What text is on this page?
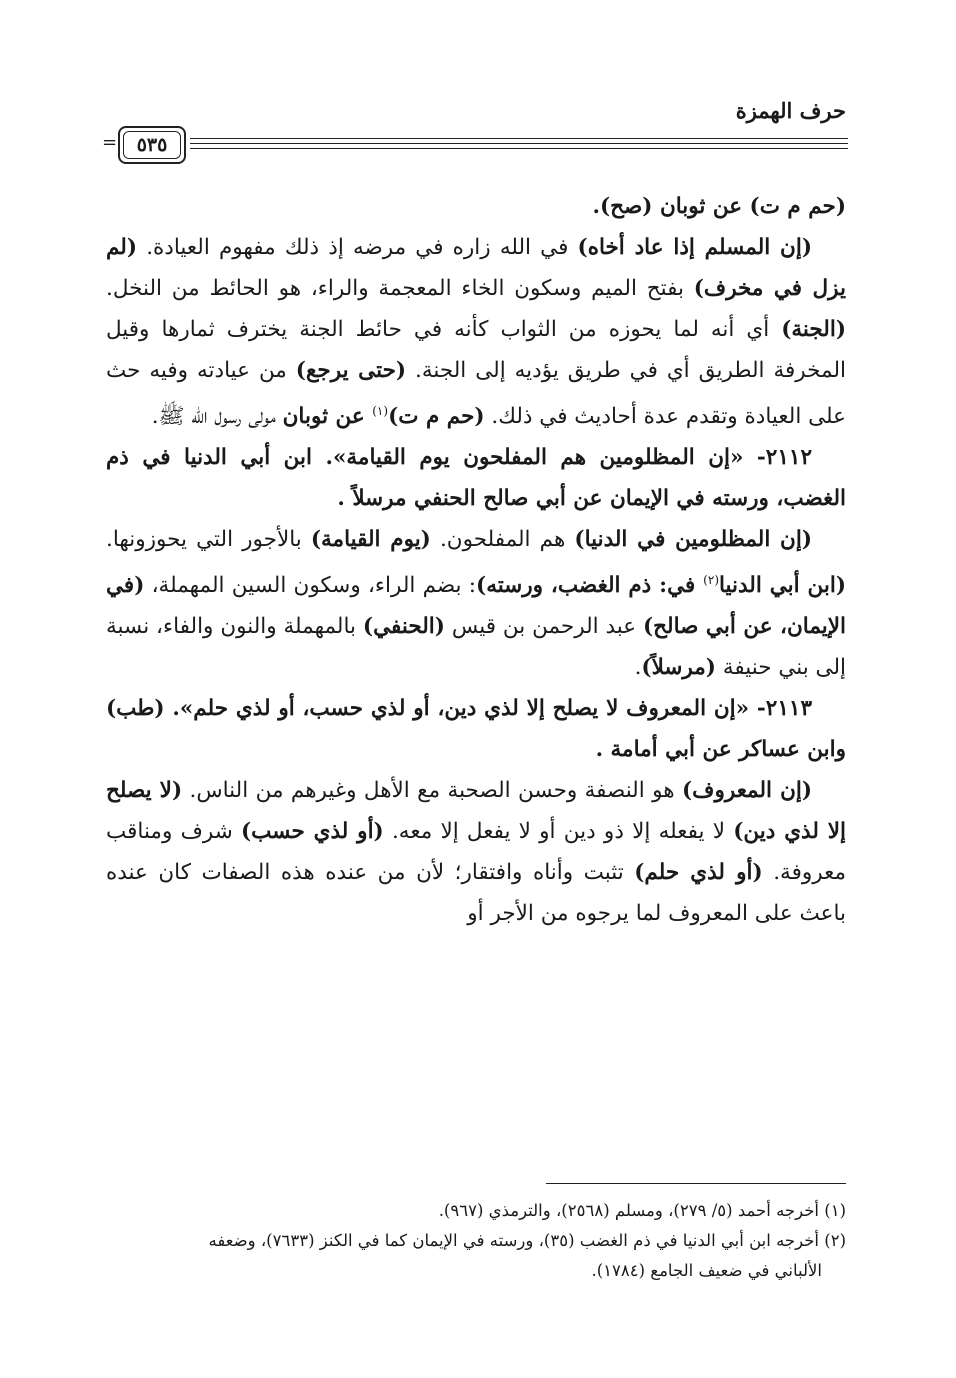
حرف الهمزة
= ٥٣٥

(حم م ت) عن ثوبان (صح).

(إن المسلم إذا عاد أخاه) في الله زاره في مرضه إذ ذلك مفهوم العيادة. (لم يزل في مخرف) بفتح الميم وسكون الخاء المعجمة والراء، هو الحائط من النخل. (الجنة) أي أنه لما يحوزه من الثواب كأنه في حائط الجنة يخترف ثمارها وقيل المخرفة الطريق أي في طريق يؤديه إلى الجنة. (حتى يرجع) من عيادته وفيه حث على العيادة وتقدم عدة أحاديث في ذلك. (حم م ت)$^{(١)}$ عن ثوبان مولى رسول الله ﷺ.

٢١١٢- «إن المظلومين هم المفلحون يوم القيامة». ابن أبي الدنيا في ذم الغضب، ورسته في الإيمان عن أبي صالح الحنفي مرسلاً .

(إن المظلومين في الدنيا) هم المفلحون. (يوم القيامة) بالأجور التي يحوزونها. (ابن أبي الدنيا$^{(٢)}$ في: ذم الغضب، ورسته): بضم الراء، وسكون السين المهملة، (في الإيمان، عن أبي صالح) عبد الرحمن بن قيس (الحنفي) بالمهملة والنون والفاء، نسبة إلى بني حنيفة (مرسلاً).

٢١١٣- «إن المعروف لا يصلح إلا لذي دين، أو لذي حسب، أو لذي حلم». (طب) وابن عساكر عن أبي أمامة .

(إن المعروف) هو النصفة وحسن الصحبة مع الأهل وغيرهم من الناس. (لا يصلح إلا لذي دين) لا يفعله إلا ذو دين أو لا يفعل إلا معه. (أو لذي حسب) شرف ومناقب معروفة. (أو لذي حلم) تثبت وأناه وافتقار؛ لأن من عنده هذه الصفات كان عنده باعث على المعروف لما يرجوه من الأجر أو

(١) أخرجه أحمد (٥/ ٢٧٩)، ومسلم (٢٥٦٨)، والترمذي (٩٦٧).

(٢) أخرجه ابن أبي الدنيا في ذم الغضب (٣٥)، ورسته في الإيمان كما في الكنز (٧٦٣٣)، وضعفه

الألباني في ضعيف الجامع (١٧٨٤).
